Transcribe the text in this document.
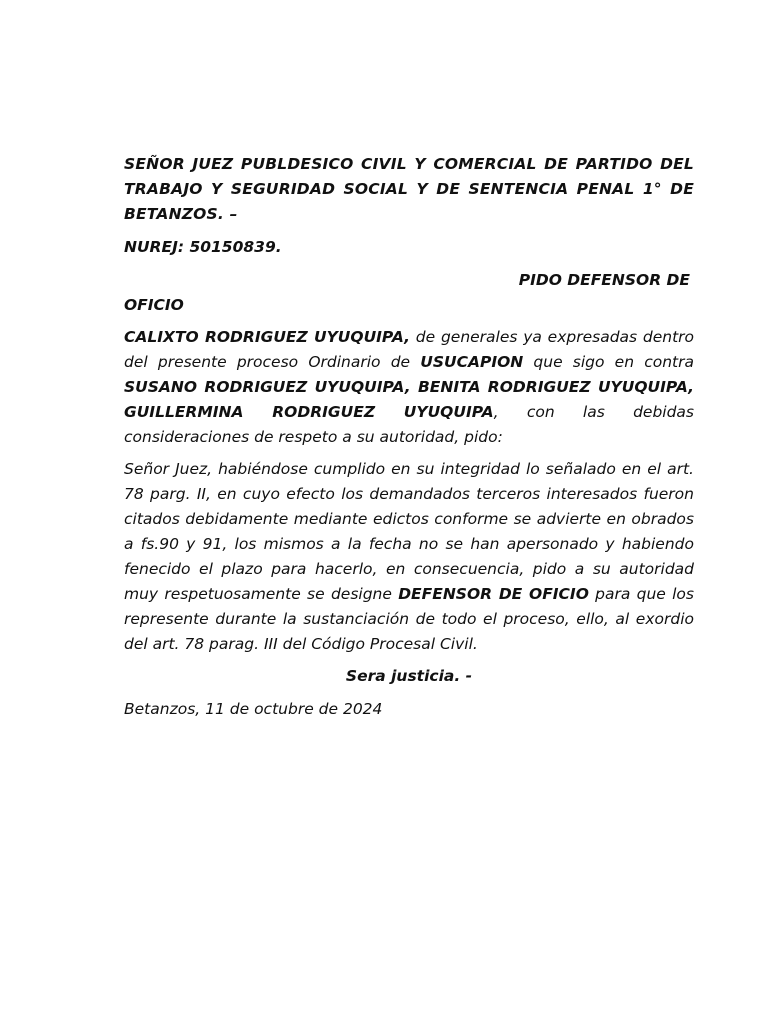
SEÑOR JUEZ PUBLDESICO CIVIL Y COMERCIAL DE PARTIDO DEL TRABAJO Y SEGURIDAD SOCIAL Y DE SENTENCIA PENAL 1° DE BETANZOS. –

NUREJ: 50150839.

PIDO DEFENSOR DE

OFICIO

CALIXTO RODRIGUEZ UYUQUIPA, de generales ya expresadas dentro del presente proceso Ordinario de USUCAPION que sigo en contra SUSANO RODRIGUEZ UYUQUIPA, BENITA RODRIGUEZ UYUQUIPA, GUILLERMINA RODRIGUEZ UYUQUIPA, con las debidas consideraciones de respeto a su autoridad, pido:

Señor Juez, habiéndose cumplido en su integridad lo señalado en el art. 78 parg. II, en cuyo efecto los demandados terceros interesados fueron citados debidamente mediante edictos conforme se advierte en obrados a fs.90 y 91, los mismos a la fecha no se han apersonado y habiendo fenecido el plazo para hacerlo, en consecuencia, pido a su autoridad muy respetuosamente se designe DEFENSOR DE OFICIO para que los represente durante la sustanciación de todo el proceso, ello, al exordio del art. 78 parag. III del Código Procesal Civil.

Sera justicia. -

Betanzos, 11 de octubre de 2024
